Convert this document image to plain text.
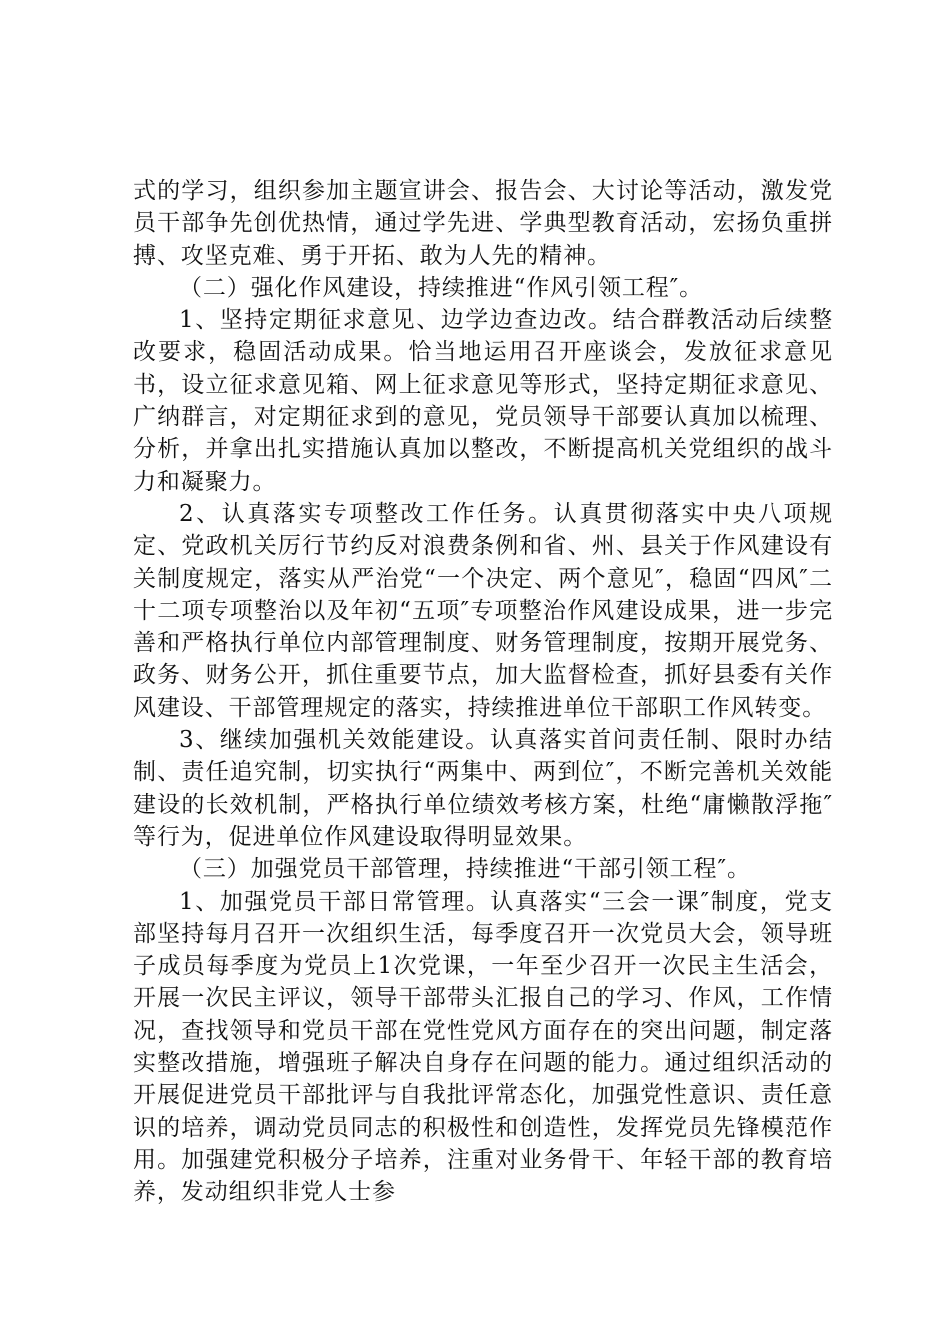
式的学习，组织参加主题宣讲会、报告会、大讨论等活动，激发党员干部争先创优热情，通过学先进、学典型教育活动，宏扬负重拼搏、攻坚克难、勇于开拓、敢为人先的精神。

（二）强化作风建设，持续推进“作风引领工程″。

1、坚持定期征求意见、边学边查边改。结合群教活动后续整改要求，稳固活动成果。恰当地运用召开座谈会，发放征求意见书，设立征求意见箱、网上征求意见等形式，坚持定期征求意见、广纳群言，对定期征求到的意见，党员领导干部要认真加以梳理、分析，并拿出扎实措施认真加以整改，不断提高机关党组织的战斗力和凝聚力。

2、认真落实专项整改工作任务。认真贯彻落实中央八项规定、党政机关厉行节约反对浪费条例和省、州、县关于作风建设有关制度规定，落实从严治党“一个决定、两个意见″，稳固“四风″二十二项专项整治以及年初“五项″专项整治作风建设成果，进一步完善和严格执行单位内部管理制度、财务管理制度，按期开展党务、政务、财务公开，抓住重要节点，加大监督检查，抓好县委有关作风建设、干部管理规定的落实，持续推进单位干部职工作风转变。

3、继续加强机关效能建设。认真落实首问责任制、限时办结制、责任追究制，切实执行“两集中、两到位″，不断完善机关效能建设的长效机制，严格执行单位绩效考核方案，杜绝“庸懒散浮拖″等行为，促进单位作风建设取得明显效果。

（三）加强党员干部管理，持续推进“干部引领工程″。

1、加强党员干部日常管理。认真落实“三会一课″制度，党支部坚持每月召开一次组织生活，每季度召开一次党员大会，领导班子成员每季度为党员上1次党课，一年至少召开一次民主生活会，开展一次民主评议，领导干部带头汇报自己的学习、作风，工作情况，查找领导和党员干部在党性党风方面存在的突出问题，制定落实整改措施，增强班子解决自身存在问题的能力。通过组织活动的开展促进党员干部批评与自我批评常态化，加强党性意识、责任意识的培养，调动党员同志的积极性和创造性，发挥党员先锋模范作用。加强建党积极分子培养，注重对业务骨干、年轻干部的教育培养，发动组织非党人士参
